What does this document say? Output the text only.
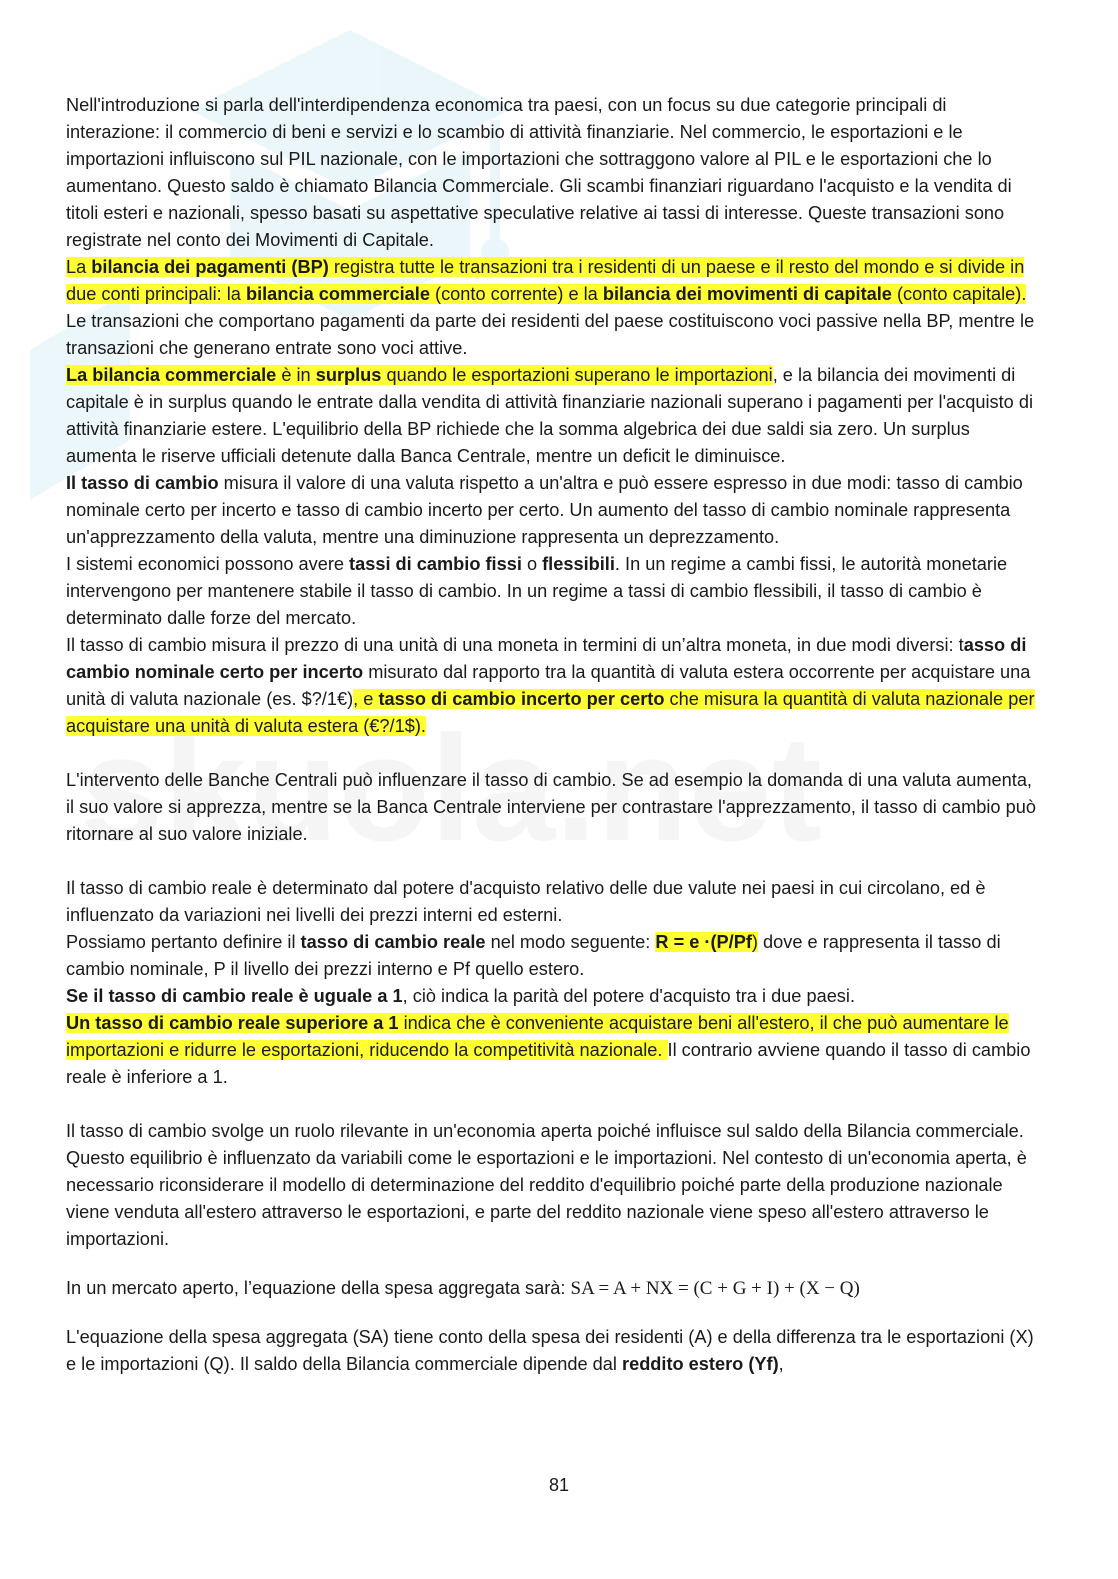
Nell'introduzione si parla dell'interdipendenza economica tra paesi, con un focus su due categorie principali di interazione: il commercio di beni e servizi e lo scambio di attività finanziarie. Nel commercio, le esportazioni e le importazioni influiscono sul PIL nazionale, con le importazioni che sottraggono valore al PIL e le esportazioni che lo aumentano. Questo saldo è chiamato Bilancia Commerciale. Gli scambi finanziari riguardano l'acquisto e la vendita di titoli esteri e nazionali, spesso basati su aspettative speculative relative ai tassi di interesse. Queste transazioni sono registrate nel conto dei Movimenti di Capitale.

La bilancia dei pagamenti (BP) registra tutte le transazioni tra i residenti di un paese e il resto del mondo e si divide in due conti principali: la bilancia commerciale (conto corrente) e la bilancia dei movimenti di capitale (conto capitale). Le transazioni che comportano pagamenti da parte dei residenti del paese costituiscono voci passive nella BP, mentre le transazioni che generano entrate sono voci attive.

La bilancia commerciale è in surplus quando le esportazioni superano le importazioni, e la bilancia dei movimenti di capitale è in surplus quando le entrate dalla vendita di attività finanziarie nazionali superano i pagamenti per l'acquisto di attività finanziarie estere. L'equilibrio della BP richiede che la somma algebrica dei due saldi sia zero. Un surplus aumenta le riserve ufficiali detenute dalla Banca Centrale, mentre un deficit le diminuisce.

Il tasso di cambio misura il valore di una valuta rispetto a un'altra e può essere espresso in due modi: tasso di cambio nominale certo per incerto e tasso di cambio incerto per certo. Un aumento del tasso di cambio nominale rappresenta un'apprezzamento della valuta, mentre una diminuzione rappresenta un deprezzamento.

I sistemi economici possono avere tassi di cambio fissi o flessibili. In un regime a cambi fissi, le autorità monetarie intervengono per mantenere stabile il tasso di cambio. In un regime a tassi di cambio flessibili, il tasso di cambio è determinato dalle forze del mercato.

Il tasso di cambio misura il prezzo di una unità di una moneta in termini di un’altra moneta, in due modi diversi: tasso di cambio nominale certo per incerto misurato dal rapporto tra la quantità di valuta estera occorrente per acquistare una unità di valuta nazionale (es. $?/1€), e tasso di cambio incerto per certo che misura la quantità di valuta nazionale per acquistare una unità di valuta estera (€?/1$).

L'intervento delle Banche Centrali può influenzare il tasso di cambio. Se ad esempio la domanda di una valuta aumenta, il suo valore si apprezza, mentre se la Banca Centrale interviene per contrastare l'apprezzamento, il tasso di cambio può ritornare al suo valore iniziale.

Il tasso di cambio reale è determinato dal potere d'acquisto relativo delle due valute nei paesi in cui circolano, ed è influenzato da variazioni nei livelli dei prezzi interni ed esterni.

Possiamo pertanto definire il tasso di cambio reale nel modo seguente: R = e ·(P/Pf) dove e rappresenta il tasso di cambio nominale, P il livello dei prezzi interno e Pf quello estero.

Se il tasso di cambio reale è uguale a 1, ciò indica la parità del potere d'acquisto tra i due paesi.

Un tasso di cambio reale superiore a 1 indica che è conveniente acquistare beni all'estero, il che può aumentare le importazioni e ridurre le esportazioni, riducendo la competitività nazionale. Il contrario avviene quando il tasso di cambio reale è inferiore a 1.

Il tasso di cambio svolge un ruolo rilevante in un'economia aperta poiché influisce sul saldo della Bilancia commerciale. Questo equilibrio è influenzato da variabili come le esportazioni e le importazioni. Nel contesto di un'economia aperta, è necessario riconsiderare il modello di determinazione del reddito d'equilibrio poiché parte della produzione nazionale viene venduta all'estero attraverso le esportazioni, e parte del reddito nazionale viene speso all'estero attraverso le importazioni.

In un mercato aperto, l’equazione della spesa aggregata sarà: SA = A + NX = (C + G + I) + (X − Q)

L'equazione della spesa aggregata (SA) tiene conto della spesa dei residenti (A) e della differenza tra le esportazioni (X) e le importazioni (Q). Il saldo della Bilancia commerciale dipende dal reddito estero (Yf),

81
